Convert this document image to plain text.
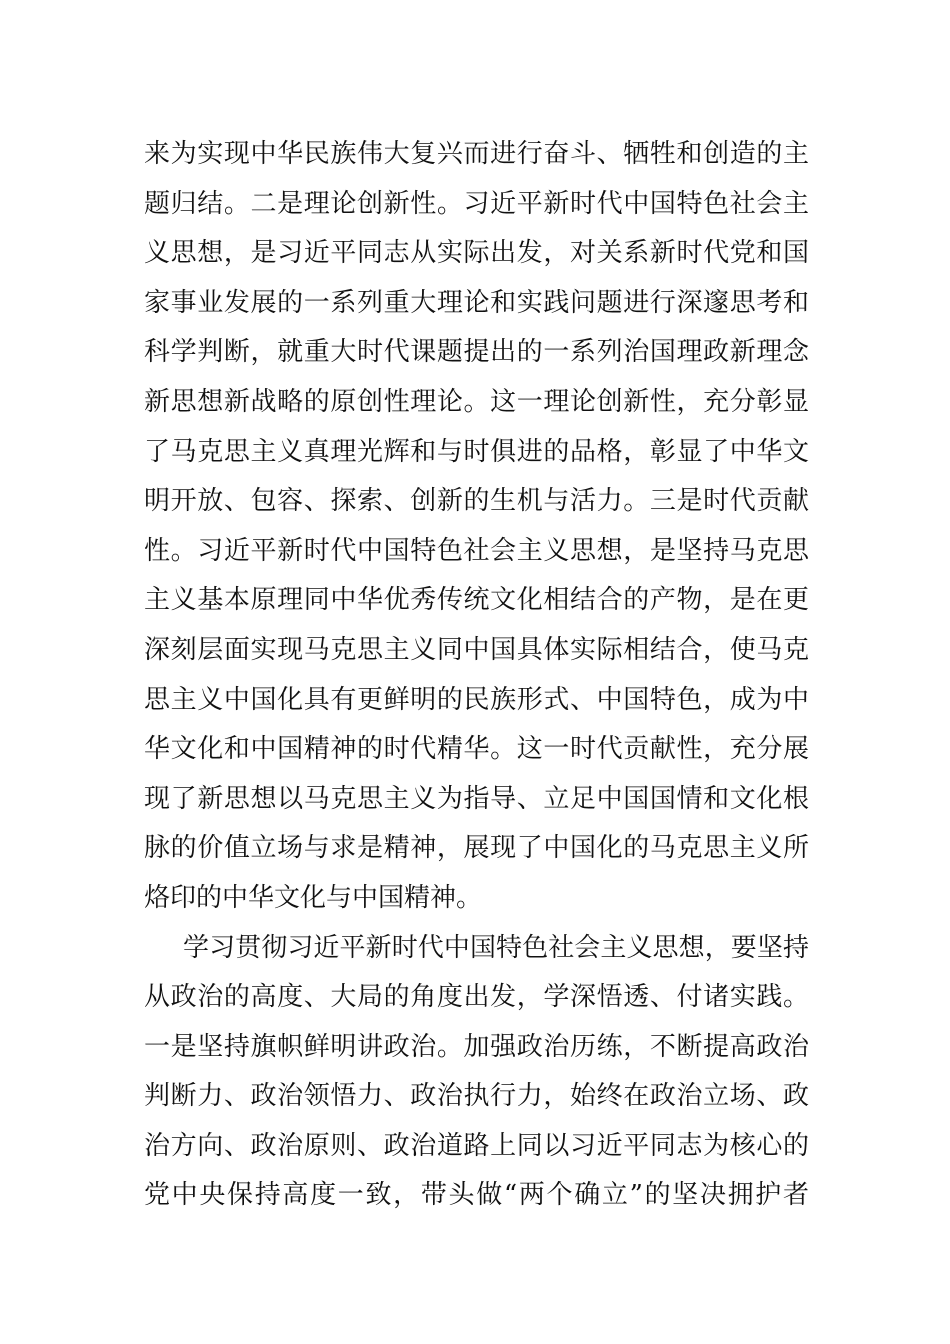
来为实现中华民族伟大复兴而进行奋斗、牺牲和创造的主
题归结。二是理论创新性。习近平新时代中国特色社会主
义思想，是习近平同志从实际出发，对关系新时代党和国
家事业发展的一系列重大理论和实践问题进行深邃思考和
科学判断，就重大时代课题提出的一系列治国理政新理念
新思想新战略的原创性理论。这一理论创新性，充分彰显
了马克思主义真理光辉和与时俱进的品格，彰显了中华文
明开放、包容、探索、创新的生机与活力。三是时代贡献
性。习近平新时代中国特色社会主义思想，是坚持马克思
主义基本原理同中华优秀传统文化相结合的产物，是在更
深刻层面实现马克思主义同中国具体实际相结合，使马克
思主义中国化具有更鲜明的民族形式、中国特色，成为中
华文化和中国精神的时代精华。这一时代贡献性，充分展
现了新思想以马克思主义为指导、立足中国国情和文化根
脉的价值立场与求是精神，展现了中国化的马克思主义所
烙印的中华文化与中国精神。
学习贯彻习近平新时代中国特色社会主义思想，要坚持
从政治的高度、大局的角度出发，学深悟透、付诸实践。
一是坚持旗帜鲜明讲政治。加强政治历练，不断提高政治
判断力、政治领悟力、政治执行力，始终在政治立场、政
治方向、政治原则、政治道路上同以习近平同志为核心的
党中央保持高度一致，带头做“两个确立”的坚决拥护者
